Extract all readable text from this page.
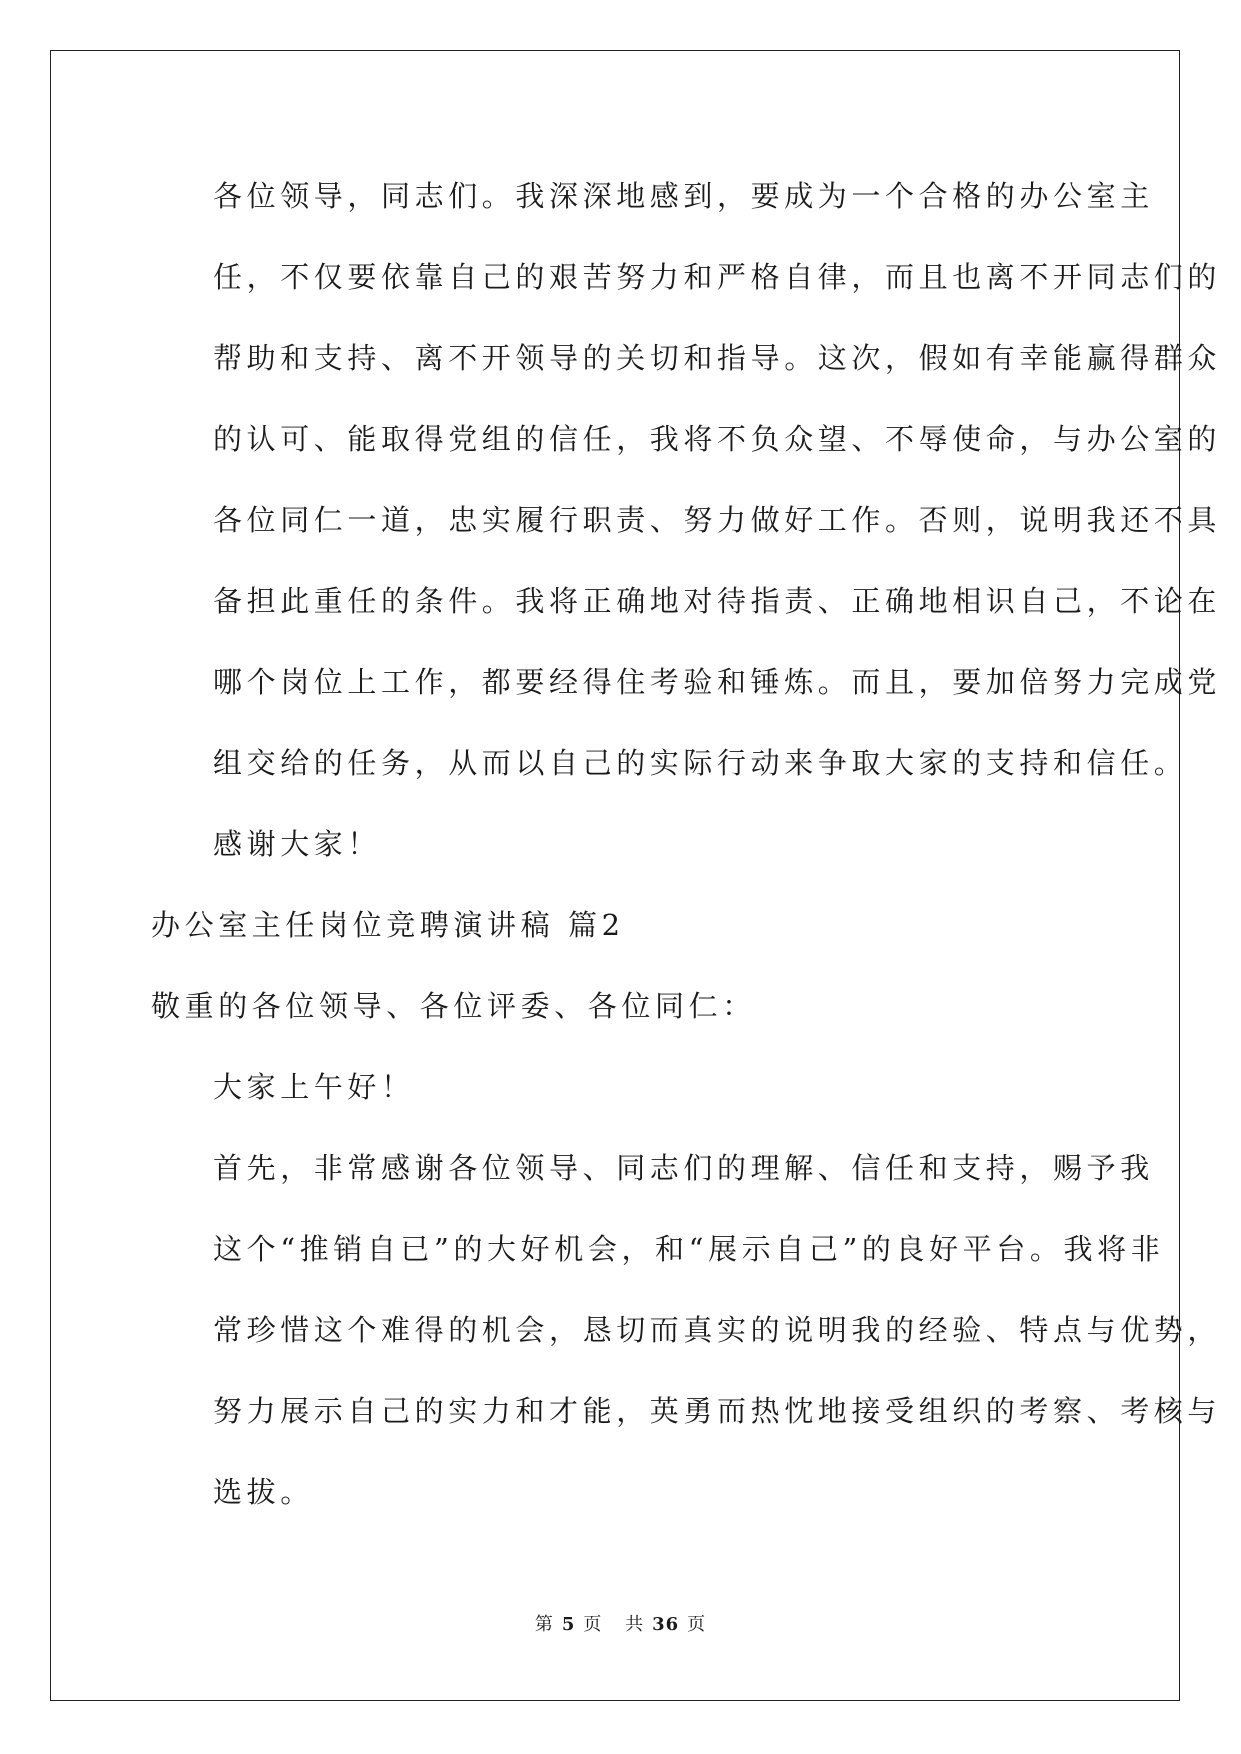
各位领导，同志们。我深深地感到，要成为一个合格的办公室主
任，不仅要依靠自己的艰苦努力和严格自律，而且也离不开同志们的
帮助和支持、离不开领导的关切和指导。这次，假如有幸能赢得群众
的认可、能取得党组的信任，我将不负众望、不辱使命，与办公室的
各位同仁一道，忠实履行职责、努力做好工作。否则，说明我还不具
备担此重任的条件。我将正确地对待指责、正确地相识自己，不论在
哪个岗位上工作，都要经得住考验和锤炼。而且，要加倍努力完成党
组交给的任务，从而以自己的实际行动来争取大家的支持和信任。

感谢大家！

办公室主任岗位竞聘演讲稿 篇2

敬重的各位领导、各位评委、各位同仁：

大家上午好！

首先，非常感谢各位领导、同志们的理解、信任和支持，赐予我
这个“推销自已”的大好机会，和“展示自己”的良好平台。我将非
常珍惜这个难得的机会，恳切而真实的说明我的经验、特点与优势，
努力展示自己的实力和才能，英勇而热忱地接受组织的考察、考核与
选拔。

第 5 页 共 36 页
